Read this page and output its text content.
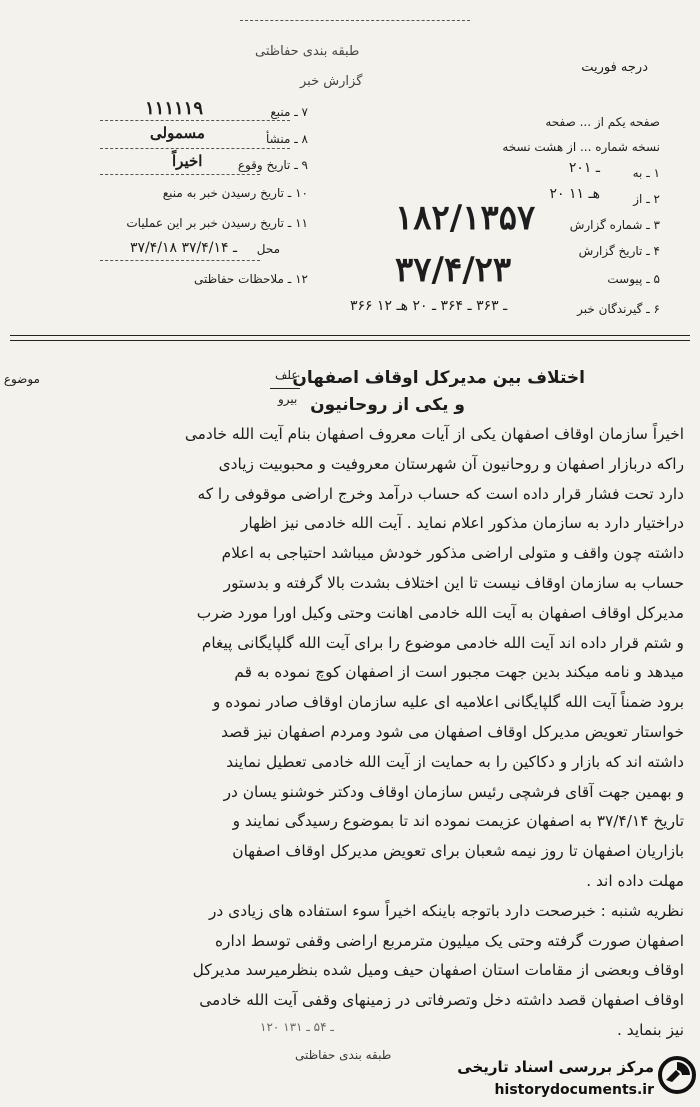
طبقه بندی حفاظتی
گزارش خبر
درجه فوریت
۷ ـ منبع
۱۱۱۱۱۹
۸ ـ منشأ
مسمولی
۹ ـ تاریخ وقوع
اخیراً
۱۰ ـ تاریخ رسیدن خبر به منبع
۱۱ ـ تاریخ رسیدن خبر بر این عملیات
محل
۳۷/۴/۱۸ ـ ۳۷/۴/۱۴
۱۲ ـ ملاحظات حفاظتی
صفحه یکم از ... صفحه
نسخه شماره ... از هشت نسخه
۱ ـ به
۲۰۱ ـ
۲ ـ از
۲۰ هـ ۱۱
۳ ـ شماره گزارش
۴ ـ تاریخ گزارش
۵ ـ پیوست
۶ ـ گیرندگان خبر
۳۶۶ ـ ۳۶۳ ـ ۳۶۴ ـ ۲۰ هـ ۱۲
۱۸۲/۱۳۵۷
۳۷/۴/۲۳
موضوع	اختلاف بین مدیرکل اوقاف اصفهان
علف
بیرو و یکی از روحانیون

اخیراً سازمان اوقاف اصفهان یکی از آیات معروف اصفهان بنام آیت الله خادمی

راکه دربازار اصفهان و روحانیون آن شهرستان معروفیت و محبوبیت زیادی

دارد تحت فشار قرار داده است که حساب درآمد وخرج اراضی موقوفی را که

دراختیار دارد به سازمان مذکور اعلام نماید . آیت الله خادمی نیز اظهار

داشته چون واقف و متولی اراضی مذکور خودش میباشد احتیاجی به اعلام

حساب به سازمان اوقاف نیست تا این اختلاف بشدت بالا گرفته و بدستور

مدیرکل اوقاف اصفهان به آیت الله خادمی اهانت وحتی وکیل اورا مورد ضرب

و شتم قرار داده اند آیت الله خادمی موضوع را برای آیت الله گلپایگانی پیغام

میدهد و نامه میکند بدین جهت مجبور است از اصفهان کوچ نموده به قم

برود ضمناً آیت الله گلپایگانی اعلامیه ای علیه سازمان اوقاف صادر نموده و

خواستار تعویض مدیرکل اوقاف اصفهان می شود ومردم اصفهان نیز قصد

داشته اند که بازار و دکاکین را به حمایت از آیت الله خادمی تعطیل نمایند

و بهمین جهت آقای فرشچی رئیس سازمان اوقاف ودکتر خوشنو یسان در

تاریخ ۳۷/۴/۱۴ به اصفهان عزیمت نموده اند تا بموضوع رسیدگی نمایند و

بازاریان اصفهان تا روز نیمه شعبان برای تعویض مدیرکل اوقاف اصفهان

مهلت داده اند .

نظریه شنبه : خبرصحت دارد باتوجه باینکه اخیراً سوء استفاده های زیادی در

اصفهان صورت گرفته وحتی یک میلیون مترمربع اراضی وقفی توسط اداره

اوقاف وبعضی از مقامات استان اصفهان حیف ومیل شده بنظرمیرسد مدیرکل

اوقاف اصفهان قصد داشته دخل وتصرفاتی در زمینهای وقفی آیت الله خادمی

نیز بنماید .

۱۲۰ ـ ۵۴ ـ ۱۳۱
طبقه بندی حفاظتی
مرکز بررسی اسناد تاریخی
historydocuments.ir
